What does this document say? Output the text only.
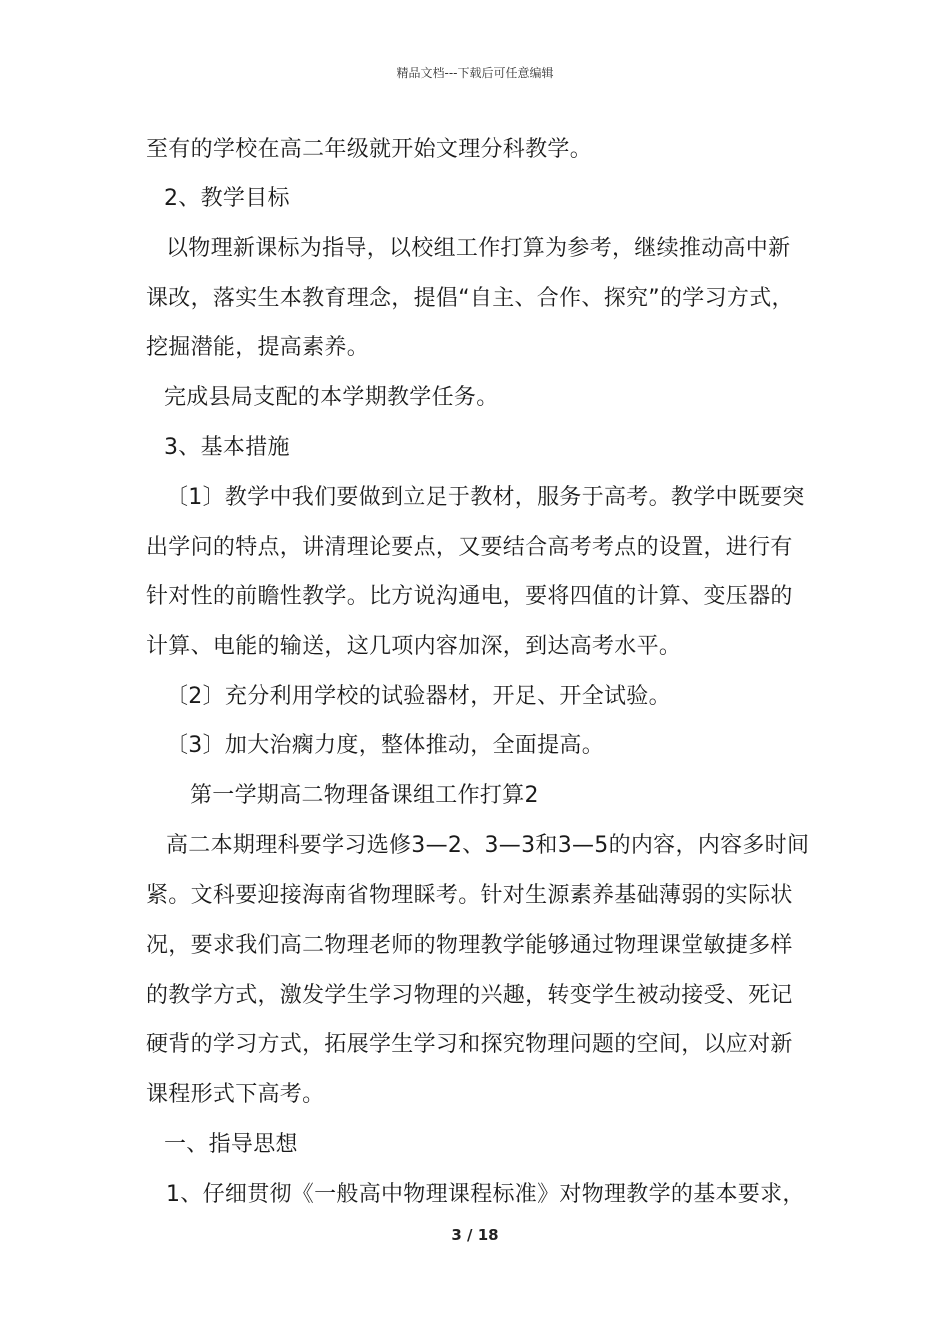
精品文档---下载后可任意编辑
至有的学校在高二年级就开始文理分科教学。
2、教学目标
以物理新课标为指导，以校组工作打算为参考，继续推动高中新
课改，落实生本教育理念，提倡“自主、合作、探究”的学习方式，
挖掘潜能，提高素养。
完成县局支配的本学期教学任务。
3、基本措施
〔1〕教学中我们要做到立足于教材，服务于高考。教学中既要突
出学问的特点，讲清理论要点，又要结合高考考点的设置，进行有
针对性的前瞻性教学。比方说沟通电，要将四值的计算、变压器的
计算、电能的输送，这几项内容加深，到达高考水平。
〔2〕充分利用学校的试验器材，开足、开全试验。
〔3〕加大治瘸力度，整体推动，全面提高。
第一学期高二物理备课组工作打算2
高二本期理科要学习选修3—2、3—3和3—5的内容，内容多时间
紧。文科要迎接海南省物理睬考。针对生源素养基础薄弱的实际状
况，要求我们高二物理老师的物理教学能够通过物理课堂敏捷多样
的教学方式，激发学生学习物理的兴趣，转变学生被动接受、死记
硬背的学习方式，拓展学生学习和探究物理问题的空间，以应对新
课程形式下高考。
一、指导思想
1、仔细贯彻《一般高中物理课程标准》对物理教学的基本要求，
3 / 18
